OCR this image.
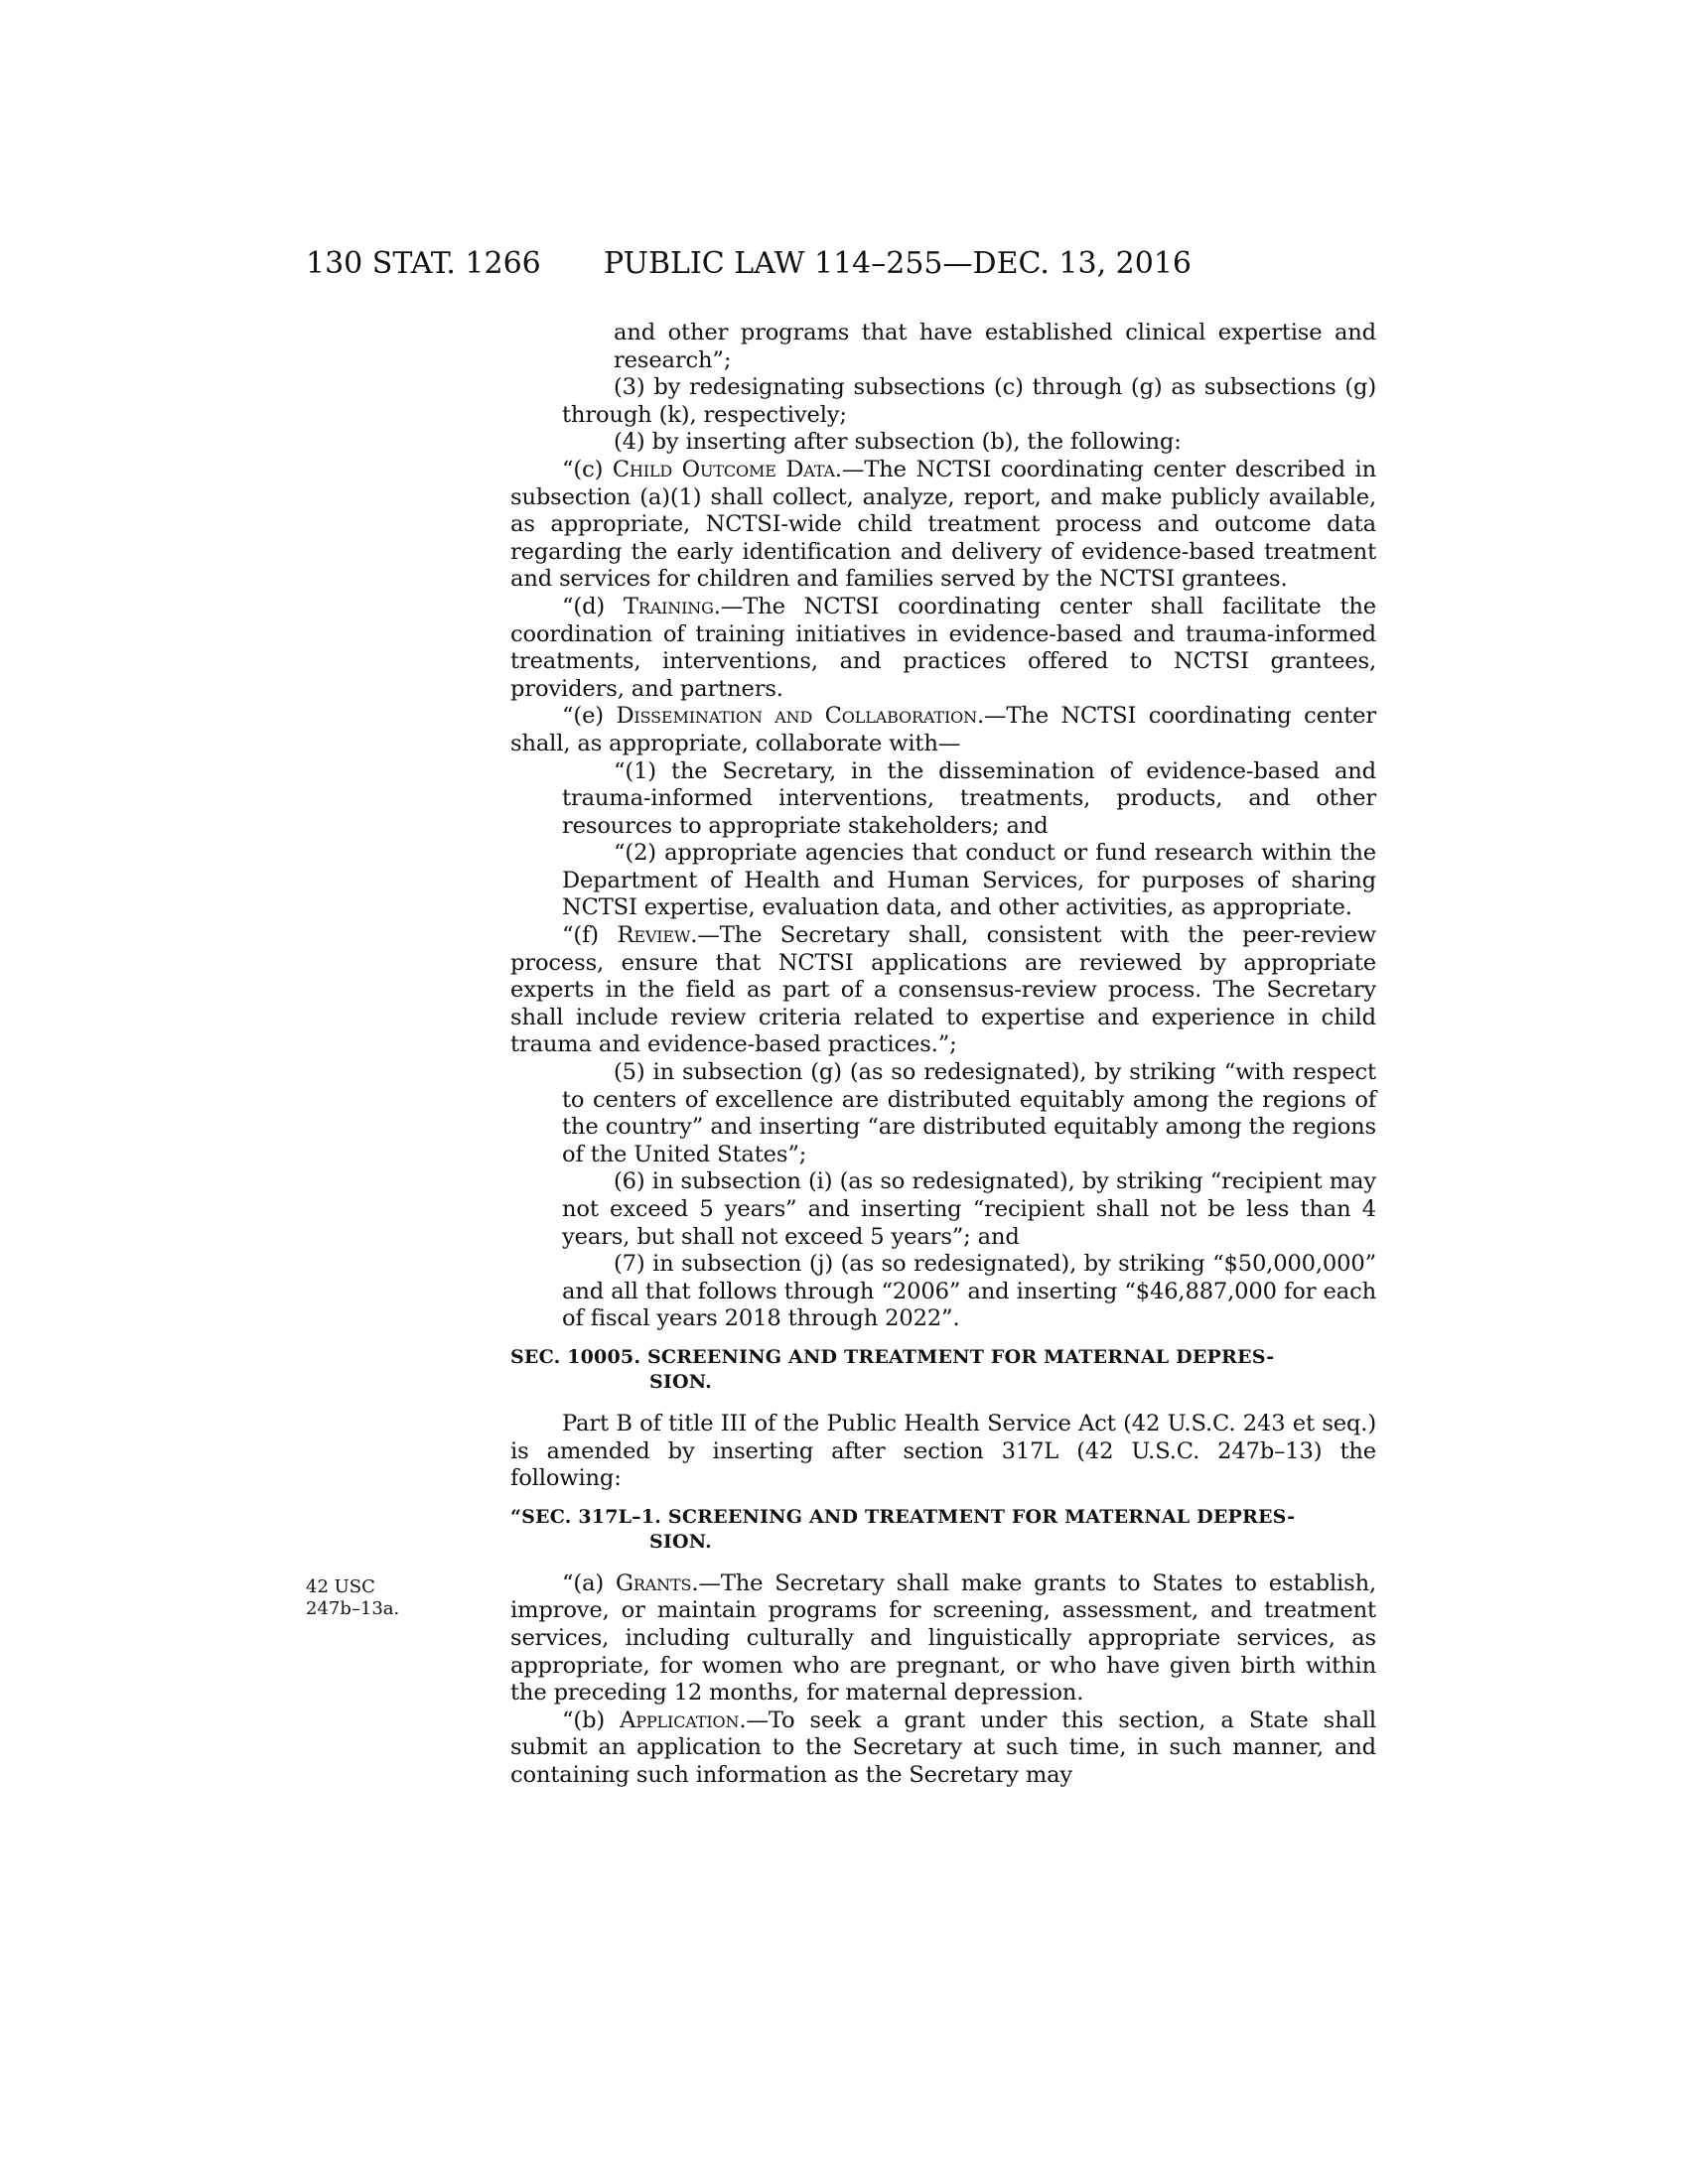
130 STAT. 1266 PUBLIC LAW 114–255—DEC. 13, 2016
42 USC
247b–13a.

and other programs that have established clinical expertise and research”;

(3) by redesignating subsections (c) through (g) as subsections (g) through (k), respectively;

(4) by inserting after subsection (b), the following:

“(c) Child Outcome Data.—The NCTSI coordinating center described in subsection (a)(1) shall collect, analyze, report, and make publicly available, as appropriate, NCTSI-wide child treatment process and outcome data regarding the early identification and delivery of evidence-based treatment and services for children and families served by the NCTSI grantees.

“(d) Training.—The NCTSI coordinating center shall facilitate the coordination of training initiatives in evidence-based and trauma-informed treatments, interventions, and practices offered to NCTSI grantees, providers, and partners.

“(e) Dissemination and Collaboration.—The NCTSI coordinating center shall, as appropriate, collaborate with—

“(1) the Secretary, in the dissemination of evidence-based and trauma-informed interventions, treatments, products, and other resources to appropriate stakeholders; and

“(2) appropriate agencies that conduct or fund research within the Department of Health and Human Services, for purposes of sharing NCTSI expertise, evaluation data, and other activities, as appropriate.

“(f) Review.—The Secretary shall, consistent with the peer-review process, ensure that NCTSI applications are reviewed by appropriate experts in the field as part of a consensus-review process. The Secretary shall include review criteria related to expertise and experience in child trauma and evidence-based practices.”;

(5) in subsection (g) (as so redesignated), by striking “with respect to centers of excellence are distributed equitably among the regions of the country” and inserting “are distributed equitably among the regions of the United States”;

(6) in subsection (i) (as so redesignated), by striking “recipient may not exceed 5 years” and inserting “recipient shall not be less than 4 years, but shall not exceed 5 years”; and

(7) in subsection (j) (as so redesignated), by striking “$50,000,000” and all that follows through “2006” and inserting “$46,887,000 for each of fiscal years 2018 through 2022”.

SEC. 10005. SCREENING AND TREATMENT FOR MATERNAL DEPRES-
SION.

Part B of title III of the Public Health Service Act (42 U.S.C. 243 et seq.) is amended by inserting after section 317L (42 U.S.C. 247b–13) the following:

“SEC. 317L–1. SCREENING AND TREATMENT FOR MATERNAL DEPRES-
SION.

“(a) Grants.—The Secretary shall make grants to States to establish, improve, or maintain programs for screening, assessment, and treatment services, including culturally and linguistically appropriate services, as appropriate, for women who are pregnant, or who have given birth within the preceding 12 months, for maternal depression.

“(b) Application.—To seek a grant under this section, a State shall submit an application to the Secretary at such time, in such manner, and containing such information as the Secretary may
